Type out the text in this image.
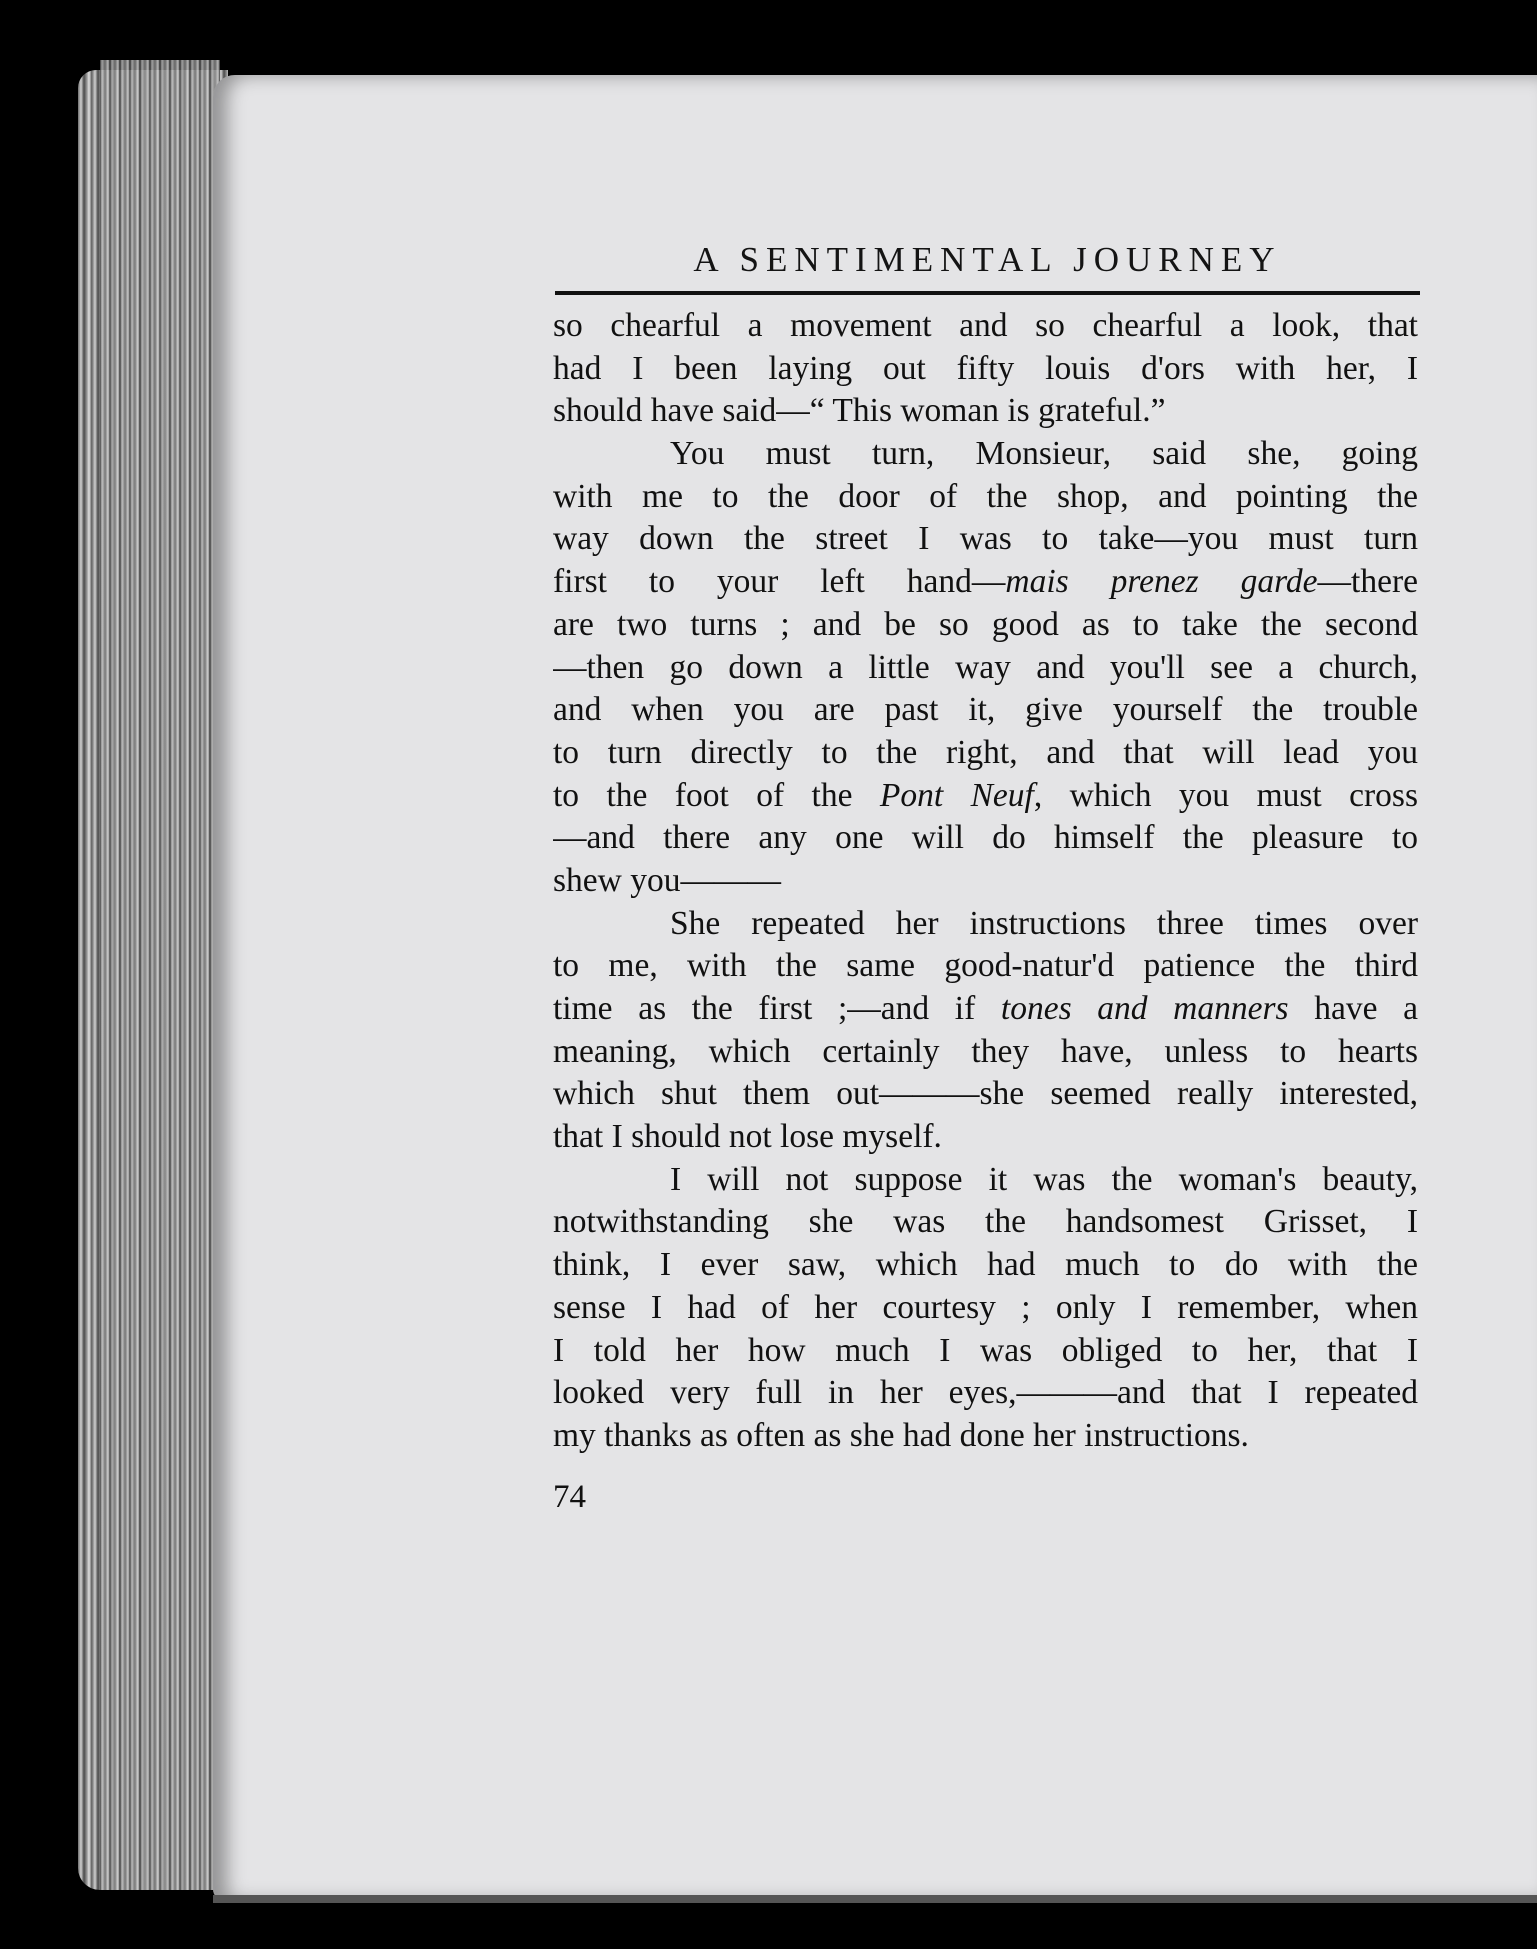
A SENTIMENTAL JOURNEY
so chearful a movement and so chearful a look, that
had I been laying out fifty louis d'ors with her, I
should have said—“ This woman is grateful.”
You must turn, Monsieur, said she, going
with me to the door of the shop, and pointing the
way down the street I was to take—you must turn
first to your left hand—mais prenez garde—there
are two turns ; and be so good as to take the second
—then go down a little way and you'll see a church,
and when you are past it, give yourself the trouble
to turn directly to the right, and that will lead you
to the foot of the Pont Neuf, which you must cross
—and there any one will do himself the pleasure to
shew you———
She repeated her instructions three times over
to me, with the same good-natur'd patience the third
time as the first ;—and if tones and manners have a
meaning, which certainly they have, unless to hearts
which shut them out———she seemed really interested,
that I should not lose myself.
I will not suppose it was the woman's beauty,
notwithstanding she was the handsomest Grisset, I
think, I ever saw, which had much to do with the
sense I had of her courtesy ; only I remember, when
I told her how much I was obliged to her, that I
looked very full in her eyes,———and that I repeated
my thanks as often as she had done her instructions.
74
